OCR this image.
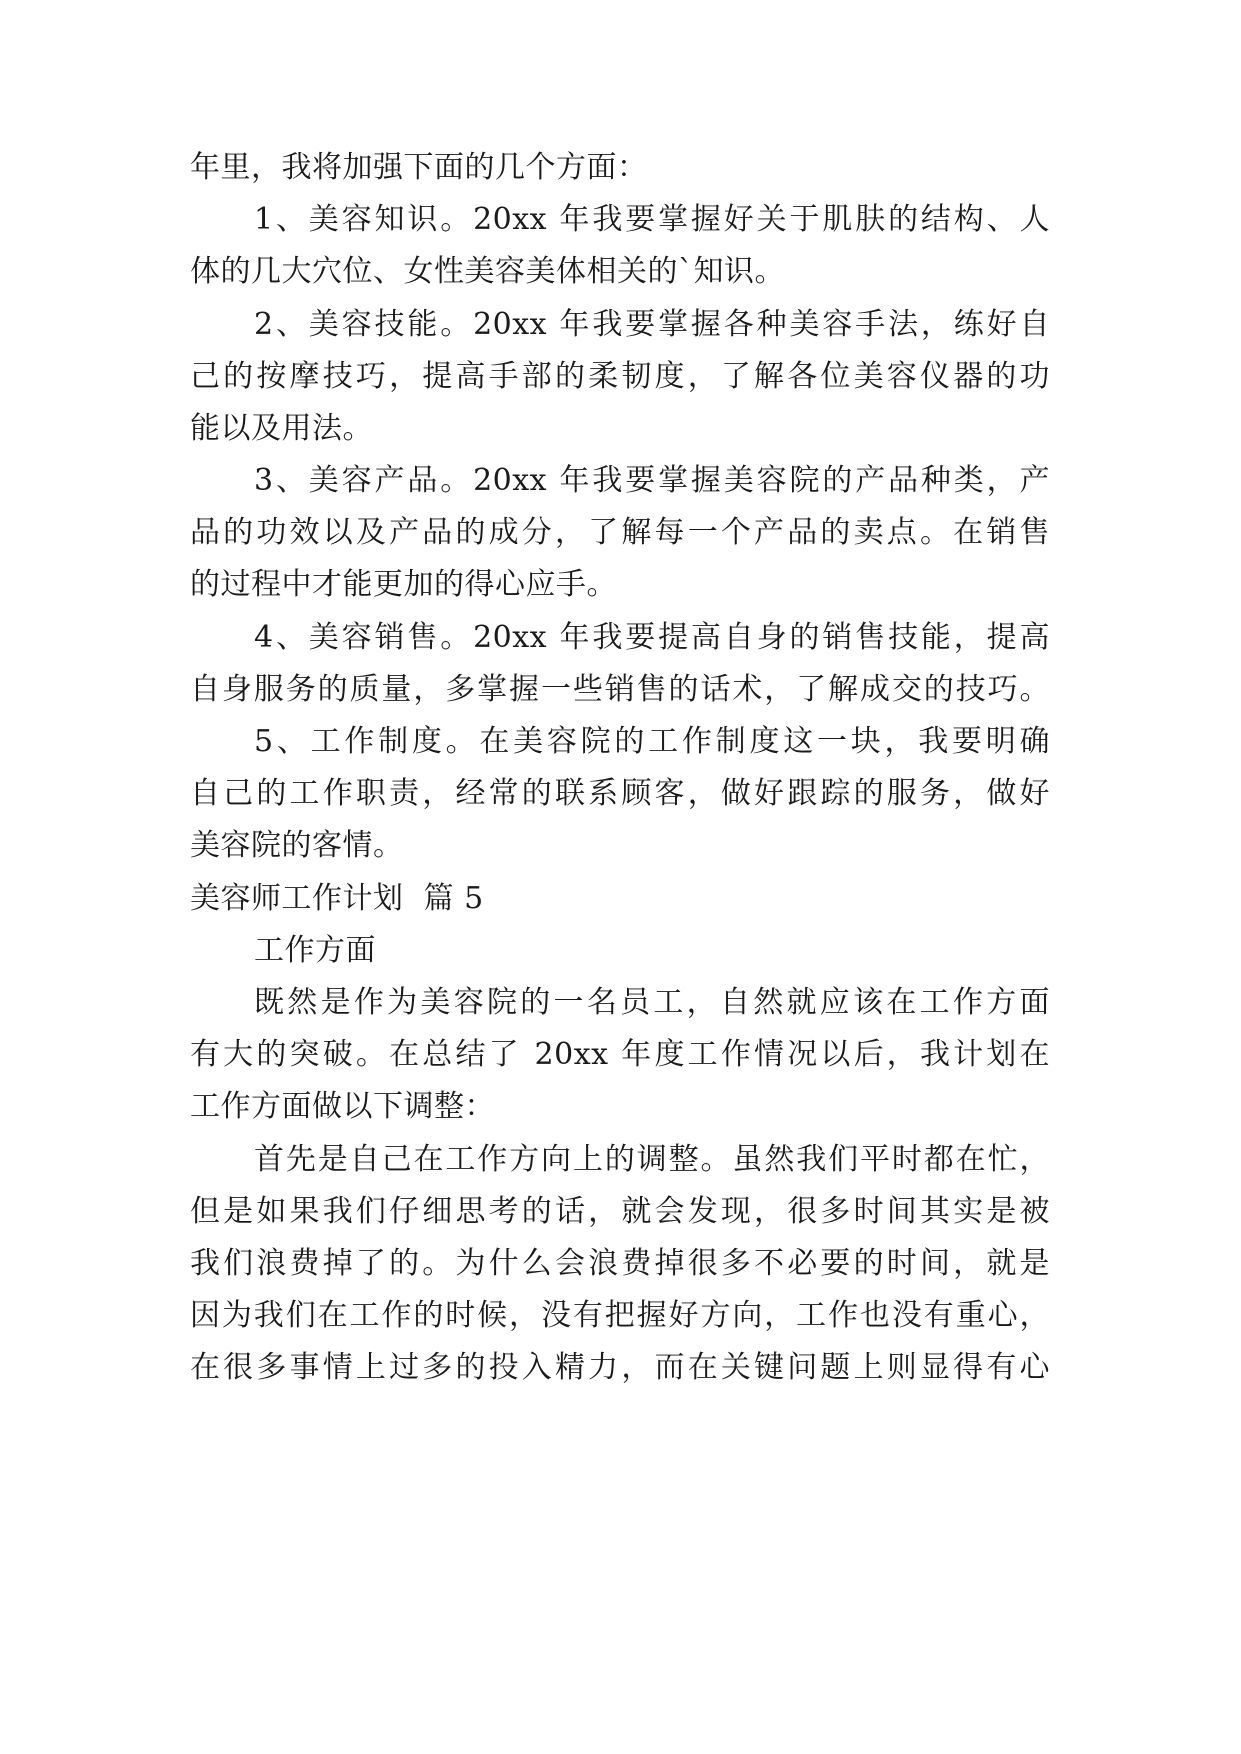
年里，我将加强下面的几个方面：
1、美容知识。20xx 年我要掌握好关于肌肤的结构、人
体的几大穴位、女性美容美体相关的`知识。
2、美容技能。20xx 年我要掌握各种美容手法，练好自
己的按摩技巧，提高手部的柔韧度，了解各位美容仪器的功
能以及用法。
3、美容产品。20xx 年我要掌握美容院的产品种类，产
品的功效以及产品的成分，了解每一个产品的卖点。在销售
的过程中才能更加的得心应手。
4、美容销售。20xx 年我要提高自身的销售技能，提高
自身服务的质量，多掌握一些销售的话术，了解成交的技巧。
5、工作制度。在美容院的工作制度这一块，我要明确
自己的工作职责，经常的联系顾客，做好跟踪的服务，做好
美容院的客情。
美容师工作计划  篇 5
工作方面
既然是作为美容院的一名员工，自然就应该在工作方面
有大的突破。在总结了 20xx 年度工作情况以后，我计划在
工作方面做以下调整：
首先是自己在工作方向上的调整。虽然我们平时都在忙，
但是如果我们仔细思考的话，就会发现，很多时间其实是被
我们浪费掉了的。为什么会浪费掉很多不必要的时间，就是
因为我们在工作的时候，没有把握好方向，工作也没有重心，
在很多事情上过多的投入精力，而在关键问题上则显得有心
